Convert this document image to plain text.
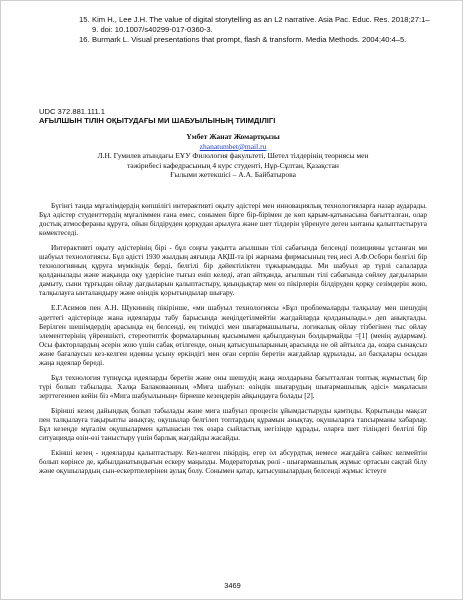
15. Kim H., Lee J.H. The value of digital storytelling as an L2 narrative. Asia Pac. Educ. Res. 2018;27:1–9. doi: 10.1007/s40299-017-0360-3.
16. Burmark L. Visual presentations that prompt, flash & transform. Media Methods. 2004;40:4–5.
UDC 372.881.111.1
АҒЫЛШЫН ТІЛІН ОҚЫТУДАҒЫ МИ ШАБУЫЛЫНЫҢ ТИІМДІЛІГІ
Үмбет Жанат Жомартқызы
zhanatumbet@mail.ru
Л.Н. Гумилев атындағы ЕҰУ Филология факультеті, Шетел тілдерінің теориясы мен
тәжірибесі кафедрасының 4 курс студенті, Нұр-Сұлтан, Қазақстан
Ғылыми жетекшісі – А.А. Байбатырова

Бүгінгі таңда мұғалімдердің көпшілігі интерактивті оқыту әдістері мен инновациялық технологияларға назар аударады. Бұл әдістер студенттердің мұғаліммен ғана емес, сонымен бірге бір-бірімен де көп қарым-қатынасына бағытталған, олар достық атмосфераны құруға, ойын білдіруден қорқудан арылуға және шет тілдерін үйренуге деген ынтаны қалыптастыруға көмектеседі.

Интерактивті оқыту әдістерінің бірі - бұл соңғы уақытта ағылшын тілі сабағында белсенді позицияны ұстанған ми шабуыл технологиясы. Бұл әдісті 1930 жылдың аяғында АҚШ-та ірі жарнама фирмасының тең иесі А.Ф.Осборн белгілі бір технологияның құруға мүмкіндік берді, белгілі бір дәйектіліктен тұжырымдады. Ми шабуыл әр түрлі салаларда қолданылады және жақында оқу үдерісіне тығыз еніп келеді, атап айтқанда, ағылшын тілі сабағында сөйлеу дағдыларын дамыту, сыни тұрғыдан ойлау дағдыларын қалыптастыру, қиындықтар мен өз пікірлерін білдіруден қорқу сезімдерін жою, талқылауға ынталандыру және өзіндік қорытындылар шығару.

Е.Г.Асимов пен А.Н. Щукиннің пікірінше, «ми шабуыл технологиясы «Бұл проблемаларды талқылау мен шешудің әдеттегі әдістерінде жана идеяларды табу барысында жеңілдетілмейтін жағдайларда қолданылады.» деп анықталды. Берілген шешімдердің арасында ең белсенді, ең тиімдісі мен шығармашылығы, логикалық ойлау тізбегінен тыс ойлау элементтерінің үйреншікті, стереотиптік формаларының қысымымен қабылдануын болдырмайды =[1] (менің аудармам). Осы факторлардың әсерін жою үшін сабақ өтілгенде, оның қатысушыларының арасында не ой айтылса да, өзара сынақсыз және бағалаусыз кез-келген идеяны ұсыну еркіндігі мен оған серпін беретін жағдайлар құрылады, ал басқалары осыдан жаңа идеялар береді.

Бұл технология түпнұсқа идеяларды беретін және оны шешудің жаңа жолдарына бағытталған топтық жұмыстың бір түрі болып табылады. Халқа Балаковаәнның «Мига шабуыл: өзіндік шығарудың шығармашылық әдісі» мақаласын зерттегеннен кейін біз «Мига шабуылының» бірнеше кезеңдерін айқындауға болады [2].

Бірінші кезең дайындық болып табылады және мига шабуыл процесін ұйымдастыруды қамтиды. Қорытынды мақсат пен талқылауға тақырыпты анықтау, оқушылар белгілеп топтардың құрамын анықтау, оқушыларға тапсырманы хабарлау. Бұл кезеңде мұғалім оқушылармен қатынасын тек өзара сыйластық негізінде құрады, оларға шет тіліндегі белгілі бір ситуацияда өзін-өзі таныстыру үшін барлық жағдайды жасайды.

Екінші кезең - идеяларды қалыптастыру. Кез-келген пікірдің, егер ол абсурдтық немесе жағдайға сәйкес келмейтін болып көрінсе де, қабылданатындығын ескеру маңызды. Модераторлық рөлі - шығармашылық жұмыс ортасын сақтай білу және оқушылардың сын-ескертпелерінен аулақ болу. Сонымен қатар, қатысушылардың белсенді жұмыс істеуге

3469
